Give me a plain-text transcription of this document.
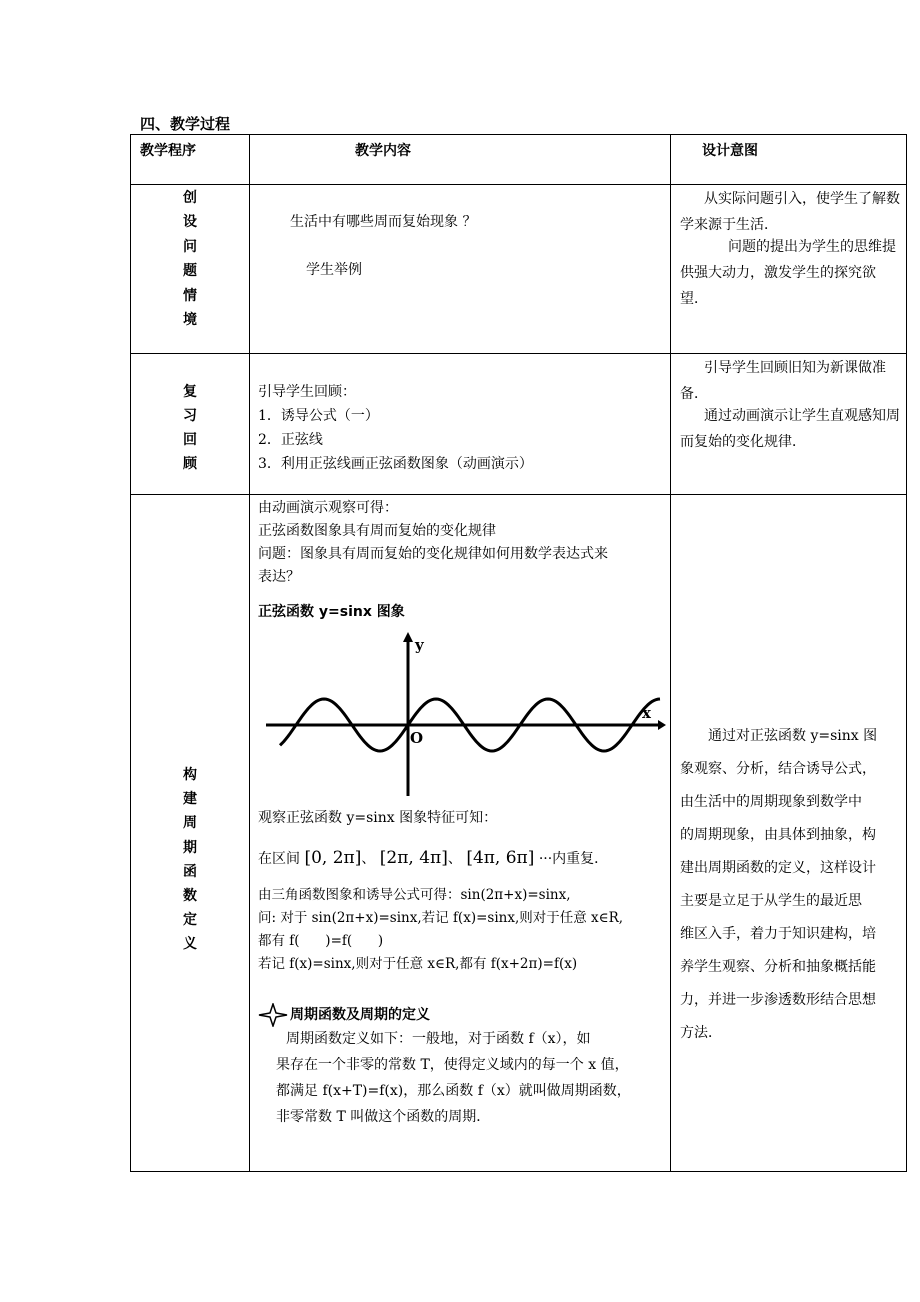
四、教学过程
教学程序	教学内容	设计意图
创
设
问
题
情
境
生活中有哪些周而复始现象 ？
学生举例
从实际问题引入，使学生了解数学来源于生活．
问题的提出为学生的思维提供强大动力，激发学生的探究欲望．
复
习
回
顾
引导学生回顾：
1．诱导公式（一）
2．正弦线
3．利用正弦线画正弦函数图象（动画演示）
引导学生回顾旧知为新课做准备．
通过动画演示让学生直观感知周而复始的变化规律．
构
建
周
期
函
数
定
义
由动画演示观察可得：
正弦函数图象具有周而复始的变化规律
问题：图象具有周而复始的变化规律如何用数学表达式来
表达？
正弦函数 y=sinx 图象
y
x
O
观察正弦函数 y=sinx 图象特征可知：
在区间 [0, 2π]、 [2π, 4π]、 [4π, 6π] ···内重复．
由三角函数图象和诱导公式可得：sin(2π+x)=sinx,
问: 对于 sin(2π+x)=sinx,若记 f(x)=sinx,则对于任意 x∈R,
都有 f(      )=f(      )
若记 f(x)=sinx,则对于任意 x∈R,都有 f(x+2π)=f(x)
周期函数及周期的定义
周期函数定义如下：一般地，对于函数 f（x），如
果存在一个非零的常数 T，使得定义域内的每一个 x 值，
都满足 f(x+T)=f(x)，那么函数 f（x）就叫做周期函数，
非零常数 T 叫做这个函数的周期．
通过对正弦函数 y=sinx 图
象观察、分析，结合诱导公式，
由生活中的周期现象到数学中
的周期现象，由具体到抽象，构
建出周期函数的定义，这样设计
主要是立足于从学生的最近思
维区入手，着力于知识建构，培
养学生观察、分析和抽象概括能
力，并进一步渗透数形结合思想
方法．
